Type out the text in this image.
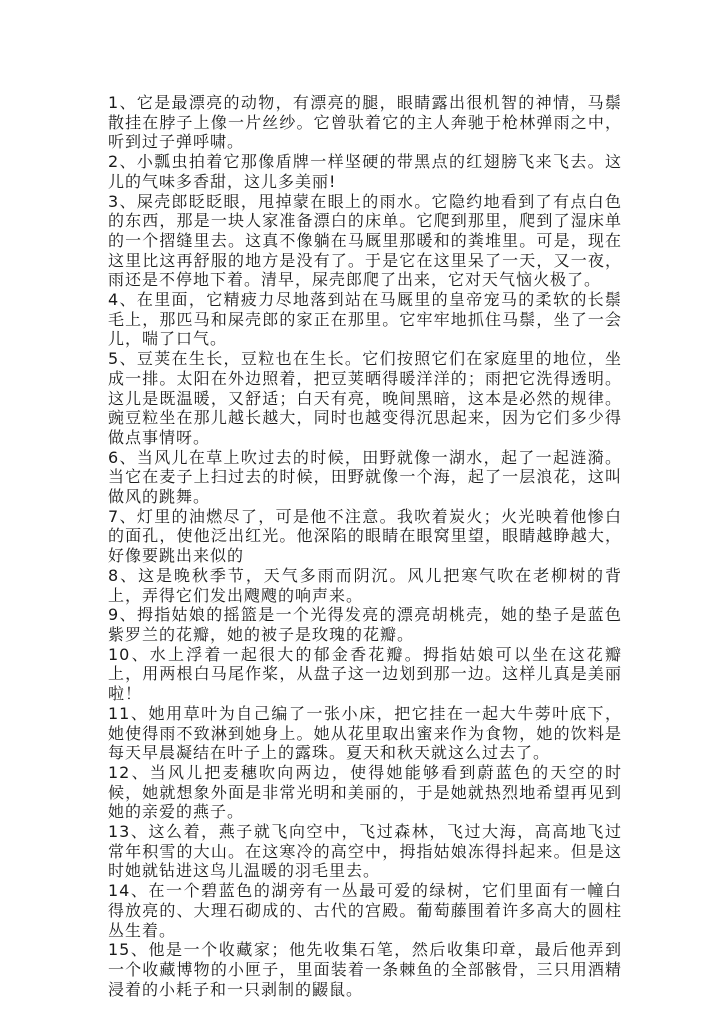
1、它是最漂亮的动物，有漂亮的腿，眼睛露出很机智的神情，马鬃散挂在脖子上像一片丝纱。它曾驮着它的主人奔驰于枪林弹雨之中，听到过子弹呼啸。

2、小瓢虫拍着它那像盾牌一样坚硬的带黑点的红翅膀飞来飞去。这儿的气味多香甜，这儿多美丽!

3、屎壳郎眨眨眼，甩掉蒙在眼上的雨水。它隐约地看到了有点白色的东西，那是一块人家准备漂白的床单。它爬到那里，爬到了湿床单的一个摺缝里去。这真不像躺在马厩里那暖和的粪堆里。可是，现在这里比这再舒服的地方是没有了。于是它在这里呆了一天，又一夜，雨还是不停地下着。清早，屎壳郎爬了出来，它对天气恼火极了。

4、在里面，它精疲力尽地落到站在马厩里的皇帝宠马的柔软的长鬃毛上，那匹马和屎壳郎的家正在那里。它牢牢地抓住马鬃，坐了一会儿，喘了口气。

5、豆荚在生长，豆粒也在生长。它们按照它们在家庭里的地位，坐成一排。太阳在外边照着，把豆荚晒得暖洋洋的；雨把它洗得透明。这儿是既温暖，又舒适；白天有亮，晚间黑暗，这本是必然的规律。豌豆粒坐在那儿越长越大，同时也越变得沉思起来，因为它们多少得做点事情呀。

6、当风儿在草上吹过去的时候，田野就像一湖水，起了一起涟漪。当它在麦子上扫过去的时候，田野就像一个海，起了一层浪花，这叫做风的跳舞。

7、灯里的油燃尽了，可是他不注意。我吹着炭火；火光映着他惨白的面孔，使他泛出红光。他深陷的眼睛在眼窝里望，眼睛越睁越大，好像要跳出来似的

8、这是晚秋季节，天气多雨而阴沉。风儿把寒气吹在老柳树的背上，弄得它们发出飕飕的响声来。

9、拇指姑娘的摇篮是一个光得发亮的漂亮胡桃壳，她的垫子是蓝色紫罗兰的花瓣，她的被子是玫瑰的花瓣。

10、水上浮着一起很大的郁金香花瓣。拇指姑娘可以坐在这花瓣上，用两根白马尾作桨，从盘子这一边划到那一边。这样儿真是美丽啦！

11、她用草叶为自己编了一张小床，把它挂在一起大牛蒡叶底下，她使得雨不致淋到她身上。她从花里取出蜜来作为食物，她的饮料是每天早晨凝结在叶子上的露珠。夏天和秋天就这么过去了。

12、当风儿把麦穗吹向两边，使得她能够看到蔚蓝色的天空的时候，她就想象外面是非常光明和美丽的，于是她就热烈地希望再见到她的亲爱的燕子。

13、这么着，燕子就飞向空中，飞过森林，飞过大海，高高地飞过常年积雪的大山。在这寒冷的高空中，拇指姑娘冻得抖起来。但是这时她就钻进这鸟儿温暖的羽毛里去。

14、在一个碧蓝色的湖旁有一丛最可爱的绿树，它们里面有一幢白得放亮的、大理石砌成的、古代的宫殿。葡萄藤围着许多高大的圆柱丛生着。

15、他是一个收藏家；他先收集石笔，然后收集印章，最后他弄到一个收藏博物的小匣子，里面装着一条棘鱼的全部骸骨，三只用酒精浸着的小耗子和一只剥制的鼹鼠。
